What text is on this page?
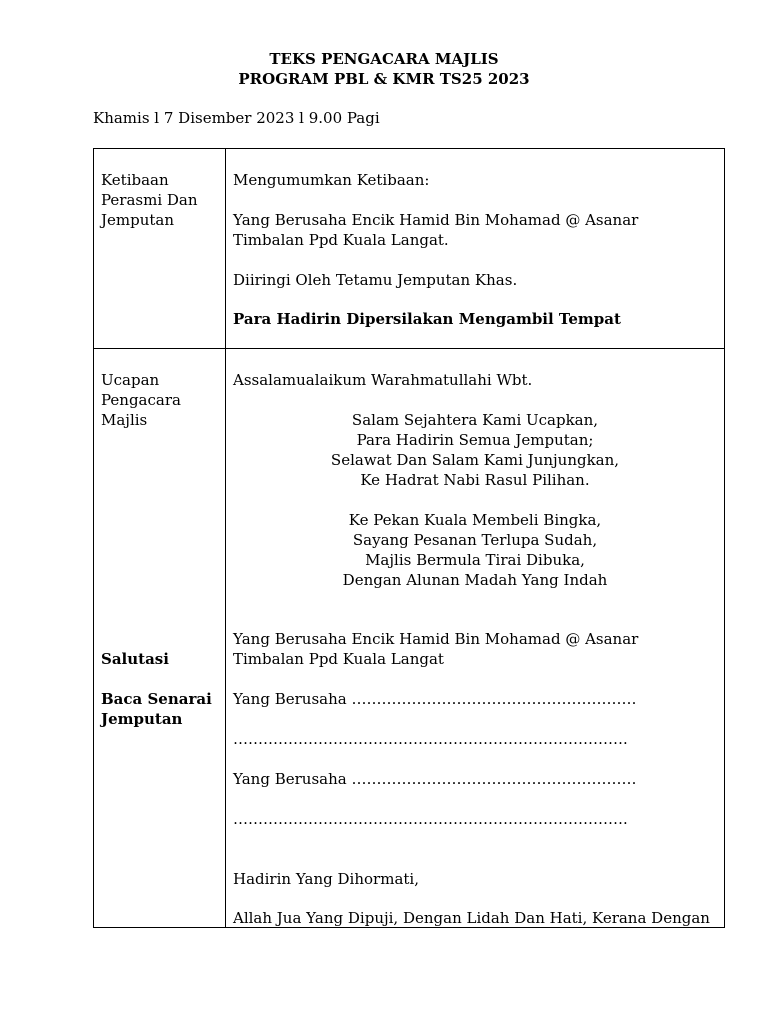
TEKS PENGACARA MAJLIS
PROGRAM PBL & KMR TS25 2023
Khamis l 7 Disember 2023 l 9.00 Pagi
Ketibaan
Perasmi Dan
Jemputan
Mengumumkan Ketibaan:
Yang Berusaha Encik Hamid Bin Mohamad @ Asanar
Timbalan Ppd Kuala Langat.
Diiringi Oleh Tetamu Jemputan Khas.
Para Hadirin Dipersilakan Mengambil Tempat
Ucapan
Pengacara
Majlis
Salutasi
Baca Senarai
Jemputan
Assalamualaikum Warahmatullahi Wbt.
Salam Sejahtera Kami Ucapkan,
Para Hadirin Semua Jemputan;
Selawat Dan Salam Kami Junjungkan,
Ke Hadrat Nabi Rasul Pilihan.
Ke Pekan Kuala Membeli Bingka,
Sayang Pesanan Terlupa Sudah,
Majlis Bermula Tirai Dibuka,
Dengan Alunan Madah Yang Indah
Yang Berusaha Encik Hamid Bin Mohamad @ Asanar
Timbalan Ppd Kuala Langat
Yang Berusaha …………………………………………………
…………………………………………………………………….
Yang Berusaha …………………………………………………
…………………………………………………………………….
Hadirin Yang Dihormati,
Allah Jua Yang Dipuji, Dengan Lidah Dan Hati, Kerana Dengan
